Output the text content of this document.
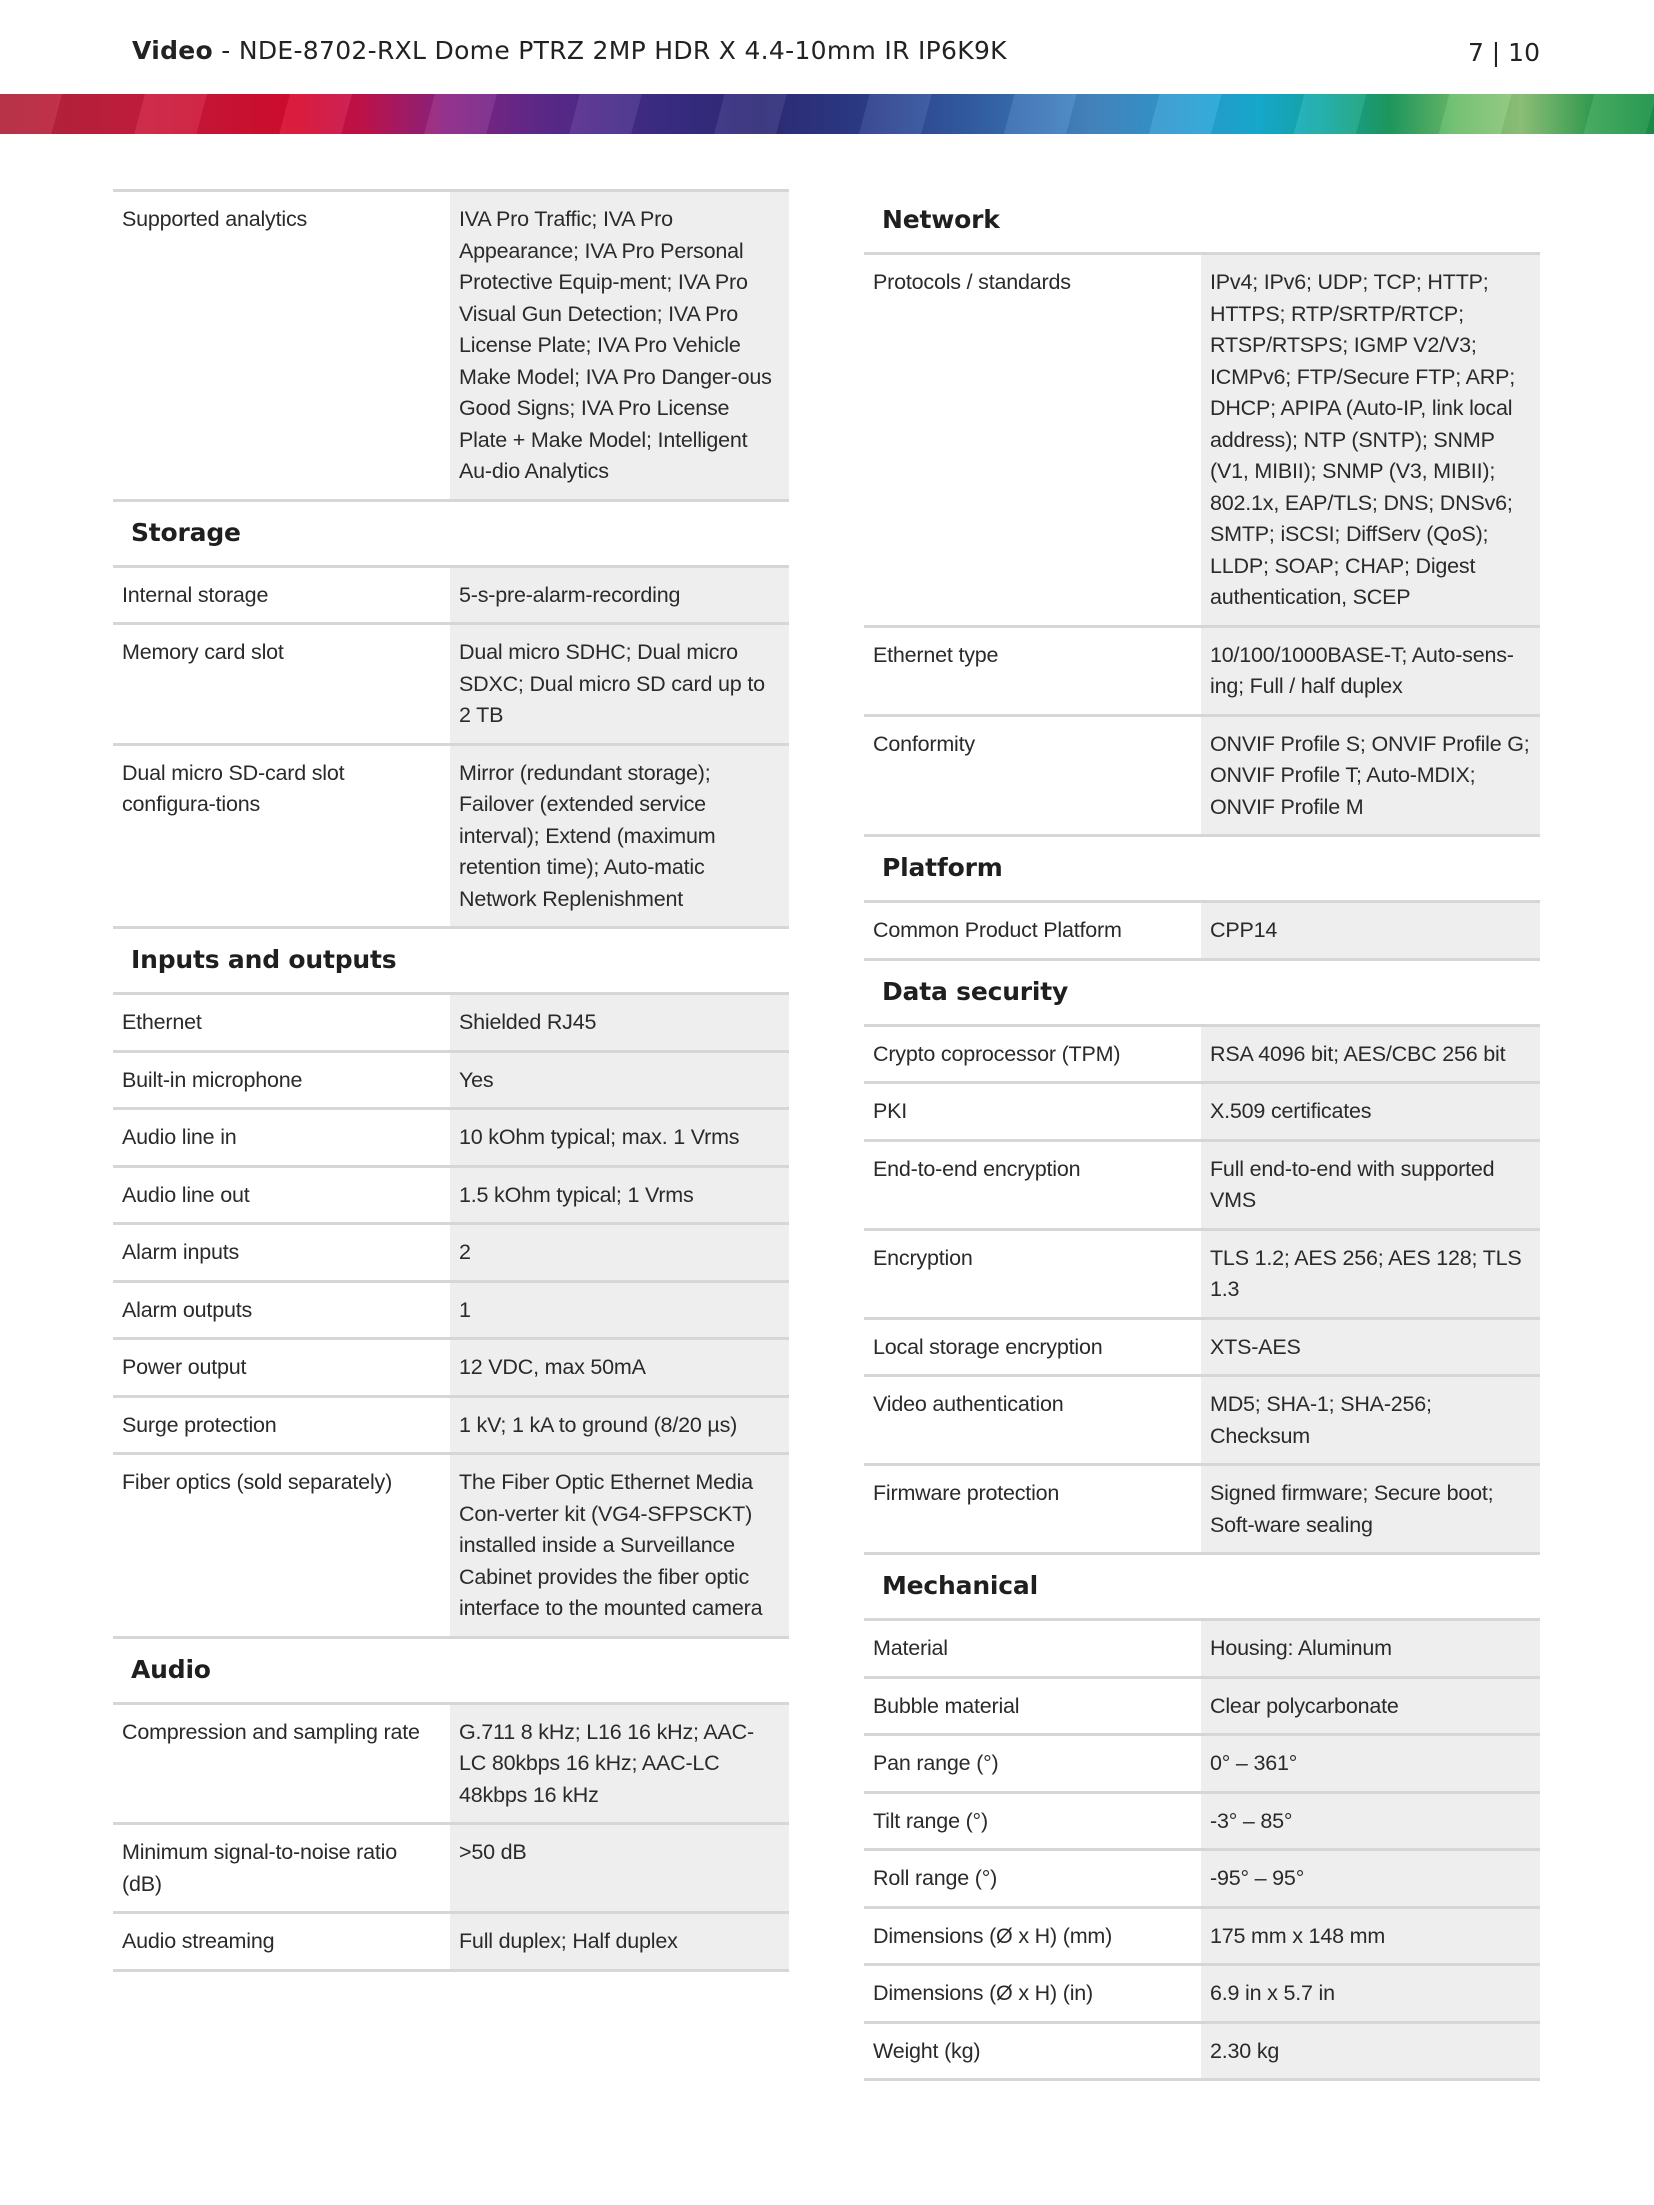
Video - NDE-8702-RXL Dome PTRZ 2MP HDR X 4.4-10mm IR IP6K9K	7 | 10
Supported analytics	IVA Pro Traffic; IVA Pro Appearance; IVA Pro Personal Protective Equip-ment; IVA Pro Visual Gun Detection; IVA Pro License Plate; IVA Pro Vehicle Make Model; IVA Pro Danger-ous Good Signs; IVA Pro License Plate + Make Model; Intelligent Au-dio Analytics
Storage	
Internal storage	5-s-pre-alarm-recording
Memory card slot	Dual micro SDHC; Dual micro SDXC; Dual micro SD card up to 2 TB
Dual micro SD-card slot configura-tions	Mirror (redundant storage); Failover (extended service interval); Extend (maximum retention time); Auto-matic Network Replenishment
Inputs and outputs	
Ethernet	Shielded RJ45
Built-in microphone	Yes
Audio line in	10 kOhm typical; max. 1 Vrms
Audio line out	1.5 kOhm typical; 1 Vrms
Alarm inputs	2
Alarm outputs	1
Power output	12 VDC, max 50mA
Surge protection	1 kV; 1 kA to ground (8/20 µs)
Fiber optics (sold separately)	The Fiber Optic Ethernet Media Con-verter kit (VG4-SFPSCKT) installed inside a Surveillance Cabinet provides the fiber optic interface to the mounted camera
Audio	
Compression and sampling rate	G.711 8 kHz; L16 16 kHz; AAC-LC 80kbps 16 kHz; AAC-LC 48kbps 16 kHz
Minimum signal-to-noise ratio (dB)	>50 dB
Audio streaming	Full duplex; Half duplex
Network	
Protocols / standards	IPv4; IPv6; UDP; TCP; HTTP; HTTPS; RTP/SRTP/RTCP; RTSP/RTSPS; IGMP V2/V3; ICMPv6; FTP/Secure FTP; ARP; DHCP; APIPA (Auto-IP, link local address); NTP (SNTP); SNMP (V1, MIBII); SNMP (V3, MIBII); 802.1x, EAP/TLS; DNS; DNSv6; SMTP; iSCSI; DiffServ (QoS); LLDP; SOAP; CHAP; Digest authentication, SCEP
Ethernet type	10/100/1000BASE-T; Auto-sens-ing; Full / half duplex
Conformity	ONVIF Profile S; ONVIF Profile G; ONVIF Profile T; Auto-MDIX; ONVIF Profile M
Platform	
Common Product Platform	CPP14
Data security	
Crypto coprocessor (TPM)	RSA 4096 bit; AES/CBC 256 bit
PKI	X.509 certificates
End-to-end encryption	Full end-to-end with supported VMS
Encryption	TLS 1.2; AES 256; AES 128; TLS 1.3
Local storage encryption	XTS-AES
Video authentication	MD5; SHA-1; SHA-256; Checksum
Firmware protection	Signed firmware; Secure boot; Soft-ware sealing
Mechanical	
Material	Housing: Aluminum
Bubble material	Clear polycarbonate
Pan range (°)	0° – 361°
Tilt range (°)	-3° – 85°
Roll range (°)	-95° – 95°
Dimensions (Ø x H) (mm)	175 mm x 148 mm
Dimensions (Ø x H) (in)	6.9 in x 5.7 in
Weight (kg)	2.30 kg
